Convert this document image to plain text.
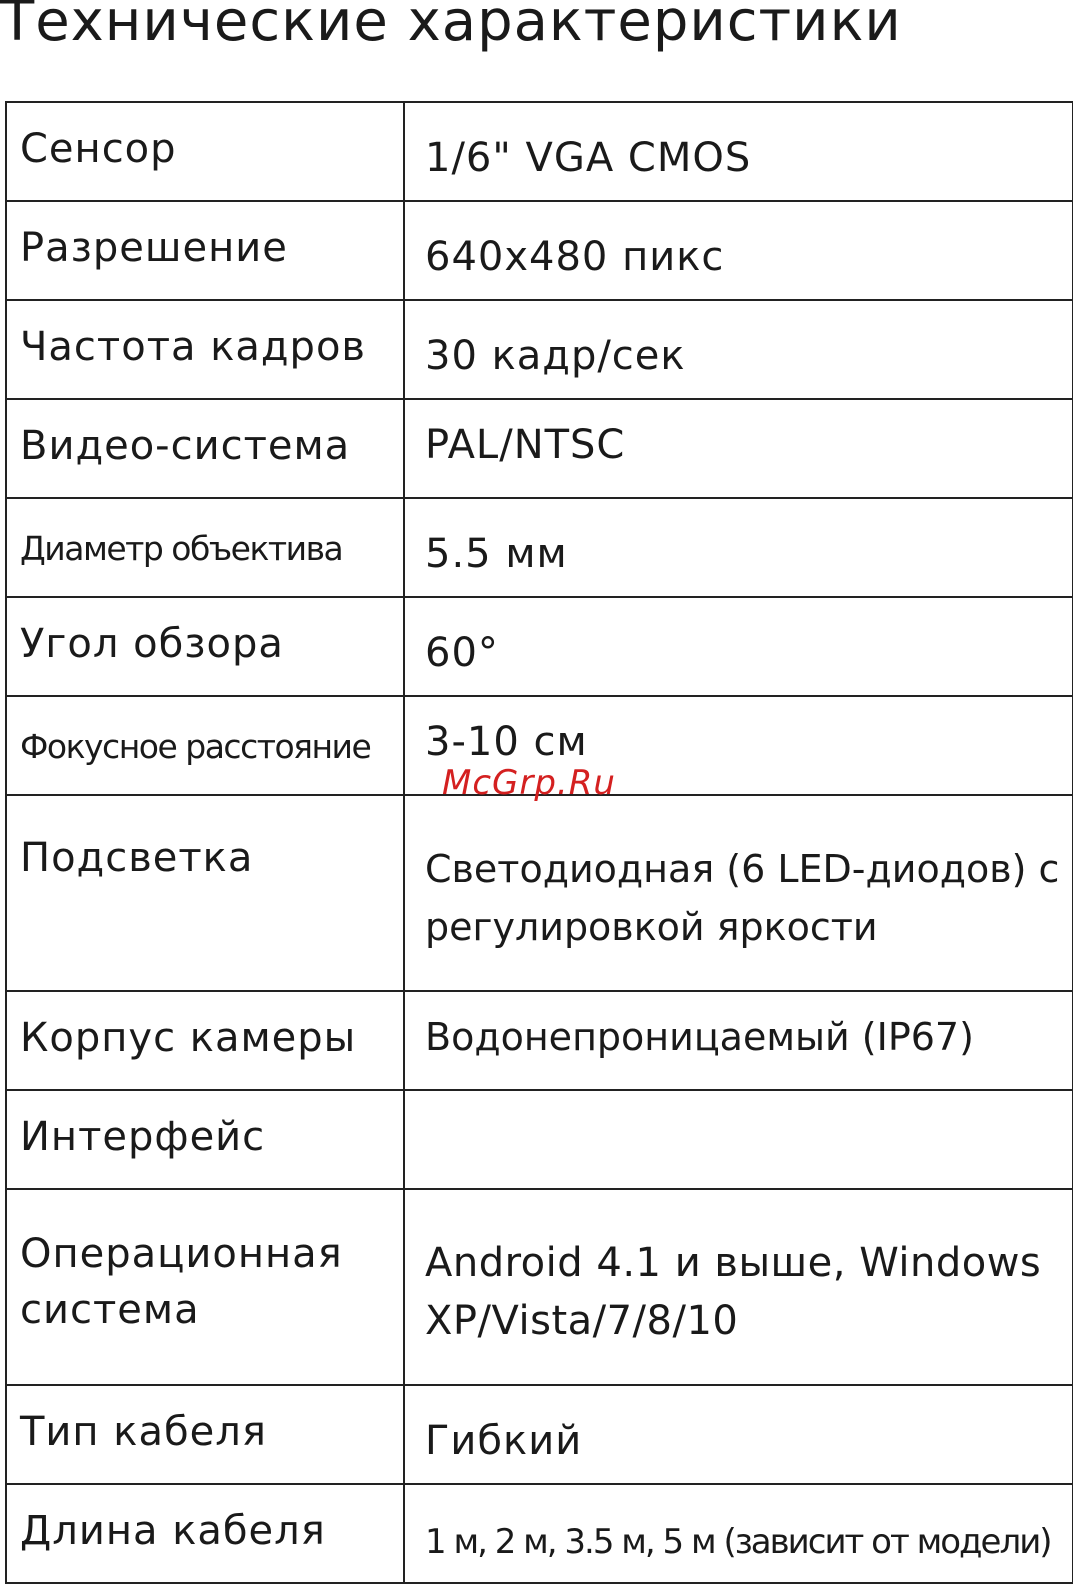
Технические характеристики
Сенсор	1/6" VGA CMOS

Разрешение	640x480 пикс

Частота кадров	30 кадр/сек

Видео-система	PAL/NTSC

Диаметр объектива	5.5 мм

Угол обзора	60°

Фокусное расстояние	3-10 см

Подсветка	Светодиодная (6 LED-диодов) с регулировкой яркости

Корпус камеры	Водонепроницаемый (IP67)

Интерфейс	

Операционная система	Android 4.1 и выше, Windows XP/Vista/7/8/10

Тип кабеля	Гибкий

Длина кабеля	1 м, 2 м, 3.5 м, 5 м (зависит от модели)
McGrp.Ru
